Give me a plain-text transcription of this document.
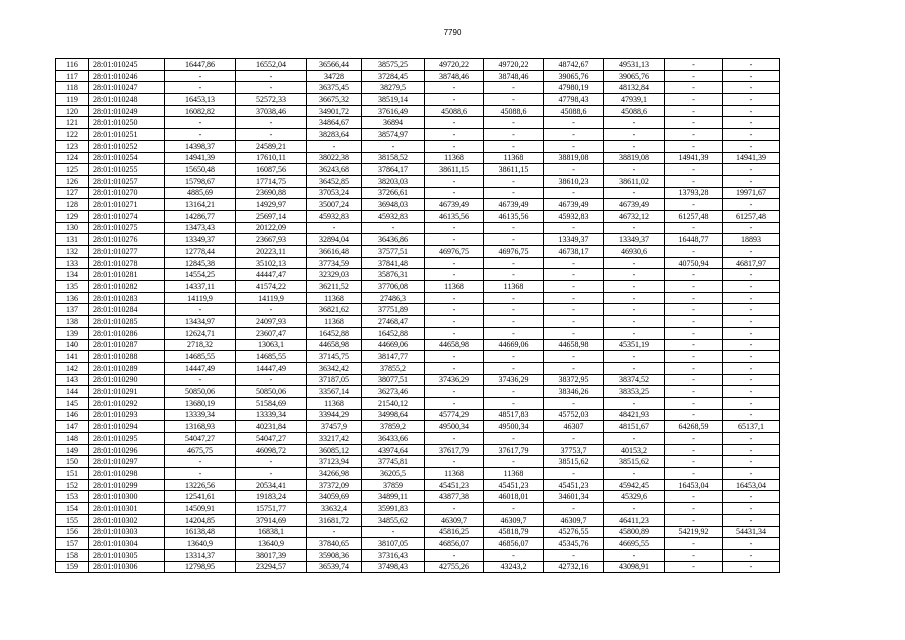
7790
116	28:01:010245	16447,86	16552,04	36566,44	38575,25	49720,22	49720,22	48742,67	49531,13	-	-
117	28:01:010246	-	-	34728	37284,45	38748,46	38748,46	39065,76	39065,76	-	-
118	28:01:010247	-	-	36375,45	38279,5	-	-	47980,19	48132,84	-	-
119	28:01:010248	16453,13	52572,33	36675,32	38519,14	-	-	47798,43	47939,1	-	-
120	28:01:010249	16082,82	37038,46	34901,72	37616,49	45088,6	45088,6	45088,6	45088,6	-	-
121	28:01:010250	-	-	34864,67	36894	-	-	-	-	-	-
122	28:01:010251	-	-	38283,64	38574,97	-	-	-	-	-	-
123	28:01:010252	14398,37	24589,21	-	-	-	-	-	-	-	-
124	28:01:010254	14941,39	17610,11	38022,38	38158,52	11368	11368	38819,08	38819,08	14941,39	14941,39
125	28:01:010255	15650,48	16087,56	36243,68	37864,17	38611,15	38611,15	-	-	-	-
126	28:01:010257	15798,67	17714,75	36452,85	38203,03	-	-	38610,23	38611,02	-	-
127	28:01:010270	4885,69	23690,88	37053,24	37266,61	-	-	-	-	13793,28	19971,67
128	28:01:010271	13164,21	14929,97	35007,24	36948,03	46739,49	46739,49	46739,49	46739,49	-	-
129	28:01:010274	14286,77	25697,14	45932,83	45932,83	46135,56	46135,56	45932,83	46732,12	61257,48	61257,48
130	28:01:010275	13473,43	20122,09	-	-	-	-	-	-	-	-
131	28:01:010276	13349,37	23667,93	32894,04	36436,86	-	-	13349,37	13349,37	16448,77	18893
132	28:01:010277	12778,44	20223,11	36616,48	37577,51	46976,75	46976,75	46738,17	46930,6	-	-
133	28:01:010278	12845,38	35102,13	37734,59	37841,48	-	-	-	-	40750,94	46817,97
134	28:01:010281	14554,25	44447,47	32329,03	35876,31	-	-	-	-	-	-
135	28:01:010282	14337,11	41574,22	36211,52	37706,08	11368	11368	-	-	-	-
136	28:01:010283	14119,9	14119,9	11368	27486,3	-	-	-	-	-	-
137	28:01:010284	-	-	36821,62	37751,89	-	-	-	-	-	-
138	28:01:010285	13434,97	24097,93	11368	27468,47	-	-	-	-	-	-
139	28:01:010286	12624,71	23607,47	16452,88	16452,88	-	-	-	-	-	-
140	28:01:010287	2718,32	13063,1	44658,98	44669,06	44658,98	44669,06	44658,98	45351,19	-	-
141	28:01:010288	14685,55	14685,55	37145,75	38147,77	-	-	-	-	-	-
142	28:01:010289	14447,49	14447,49	36342,42	37855,2	-	-	-	-	-	-
143	28:01:010290	-	-	37187,05	38077,51	37436,29	37436,29	38372,95	38374,52	-	-
144	28:01:010291	50850,06	50850,06	33567,14	36273,46	-	-	38346,26	38353,25	-	-
145	28:01:010292	13680,19	51584,69	11368	21540,12	-	-	-	-	-	-
146	28:01:010293	13339,34	13339,34	33944,29	34998,64	45774,29	48517,83	45752,03	48421,93	-	-
147	28:01:010294	13168,93	40231,84	37457,9	37859,2	49500,34	49500,34	46307	48151,67	64268,59	65137,1
148	28:01:010295	54047,27	54047,27	33217,42	36433,66	-	-	-	-	-	-
149	28:01:010296	4675,75	46098,72	36085,12	43974,64	37617,79	37617,79	37753,7	40153,2	-	-
150	28:01:010297	-	-	37123,94	37745,81	-	-	38515,62	38515,62	-	-
151	28:01:010298	-	-	34266,98	36205,5	11368	11368	-	-	-	-
152	28:01:010299	13226,56	20534,41	37372,09	37859	45451,23	45451,23	45451,23	45942,45	16453,04	16453,04
153	28:01:010300	12541,61	19183,24	34059,69	34899,11	43877,38	46018,01	34601,34	45329,6	-	-
154	28:01:010301	14509,91	15751,77	33632,4	35991,83	-	-	-	-	-	-
155	28:01:010302	14204,85	37914,69	31681,72	34855,62	46309,7	46309,7	46309,7	46411,23	-	-
156	28:01:010303	16138,48	16838,1	-	-	45816,25	45818,79	45276,55	45800,89	54219,92	54431,34
157	28:01:010304	13640,9	13640,9	37840,65	38107,05	46856,07	46856,07	45345,76	46695,55	-	-
158	28:01:010305	13314,37	38017,39	35908,36	37316,43	-	-	-	-	-	-
159	28:01:010306	12798,95	23294,57	36539,74	37498,43	42755,26	43243,2	42732,16	43098,91	-	-
